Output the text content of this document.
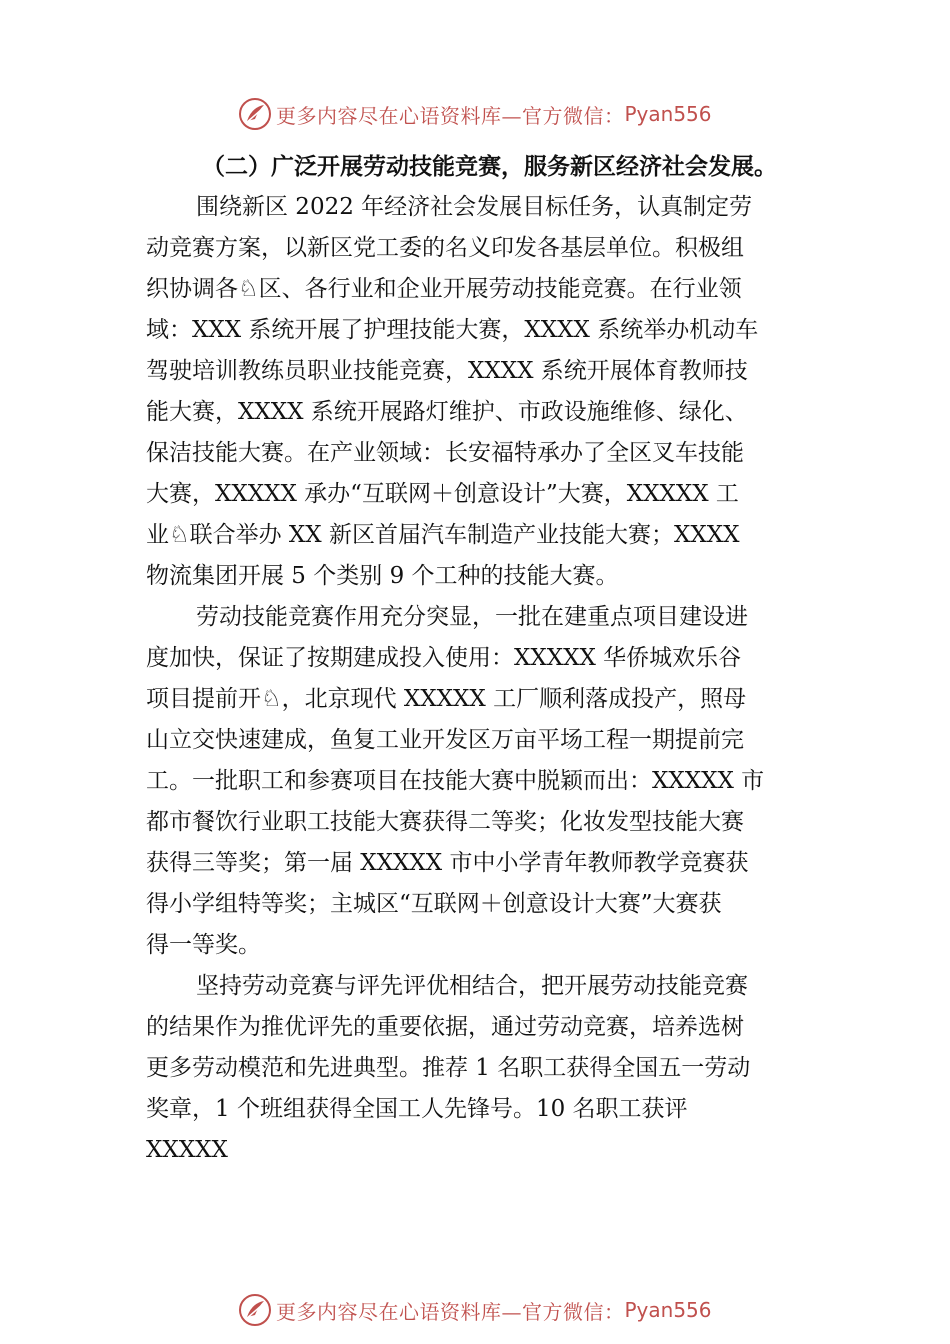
更多内容尽在心语资料库—官方微信： Pyan556
（二）广泛开展劳动技能竞赛，服务新区经济社会发展。
围绕新区 2022 年经济社会发展目标任务，认真制定劳
动竞赛方案，以新区党工委的名义印发各基层单位。积极组
织协调各♘区、各行业和企业开展劳动技能竞赛。在行业领
域：XXX 系统开展了护理技能大赛，XXXX 系统举办机动车
驾驶培训教练员职业技能竞赛，XXXX 系统开展体育教师技
能大赛，XXXX 系统开展路灯维护、市政设施维修、绿化、
保洁技能大赛。在产业领域：长安福特承办了全区叉车技能
大赛，XXXXX 承办“互联网＋创意设计”大赛，XXXXX 工
业♘联合举办 XX 新区首届汽车制造产业技能大赛；XXXX
物流集团开展 5 个类别 9 个工种的技能大赛。
劳动技能竞赛作用充分突显，一批在建重点项目建设进
度加快，保证了按期建成投入使用：XXXXX 华侨城欢乐谷
项目提前开♘，北京现代 XXXXX 工厂顺利落成投产，照母
山立交快速建成，鱼复工业开发区万亩平场工程一期提前完
工。一批职工和参赛项目在技能大赛中脱颖而出：XXXXX 市
都市餐饮行业职工技能大赛获得二等奖；化妆发型技能大赛
获得三等奖；第一届 XXXXX 市中小学青年教师教学竞赛获
得小学组特等奖；主城区“互联网＋创意设计大赛”大赛获
得一等奖。
坚持劳动竞赛与评先评优相结合，把开展劳动技能竞赛
的结果作为推优评先的重要依据，通过劳动竞赛，培养选树
更多劳动模范和先进典型。推荐 1 名职工获得全国五一劳动
奖章，1 个班组获得全国工人先锋号。10 名职工获评
XXXXX
更多内容尽在心语资料库—官方微信： Pyan556
